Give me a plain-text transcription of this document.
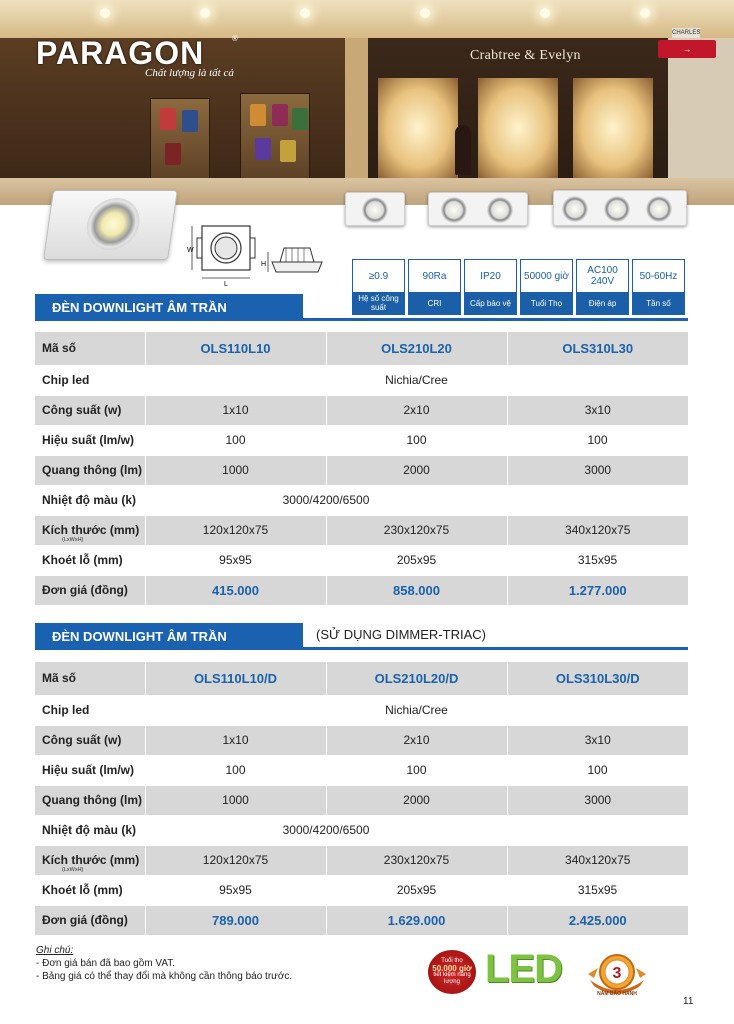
Crabtree & Evelyn
CHARLES
→
PARAGON	®
Chất lượng là tất cả
W
L
H
≥0.9
Hệ số công suất
90Ra
CRI
IP20
Cấp bảo vệ
50000 giờ
Tuổi Thọ
AC100 240V
Điện áp
50-60Hz
Tần số
ĐÈN DOWNLIGHT ÂM TRẦN
Mã số	OLS110L10	OLS210L20	OLS310L30
Chip led	Nichia/Cree		
Công suất (w)	1x10	2x10	3x10
Hiệu suất (lm/w)	100	100	100
Quang thông (lm)	1000	2000	3000
Nhiệt độ màu (k)	3000/4200/6500		
Kích thước (mm)
(LxWxH)	120x120x75	230x120x75	340x120x75
Khoét lỗ (mm)	95x95	205x95	315x95
Đơn giá (đồng)	415.000	858.000	1.277.000
ĐÈN DOWNLIGHT ÂM TRẦN	(SỬ DỤNG DIMMER-TRIAC)
Mã số	OLS110L10/D	OLS210L20/D	OLS310L30/D
Chip led	Nichia/Cree		
Công suất (w)	1x10	2x10	3x10
Hiệu suất (lm/w)	100	100	100
Quang thông (lm)	1000	2000	3000
Nhiệt độ màu (k)	3000/4200/6500		
Kích thước (mm)
(LxWxH)	120x120x75	230x120x75	340x120x75
Khoét lỗ (mm)	95x95	205x95	315x95
Đơn giá (đồng)	789.000	1.629.000	2.425.000
Ghi chú:
- Đơn giá bán đã bao gồm VAT.
- Bảng giá có thể thay đổi mà không cần thông báo trước.
Tuổi thọ
50.000 giờ
tiết kiệm năng lượng LED	3
NĂM BẢO HÀNH
11
